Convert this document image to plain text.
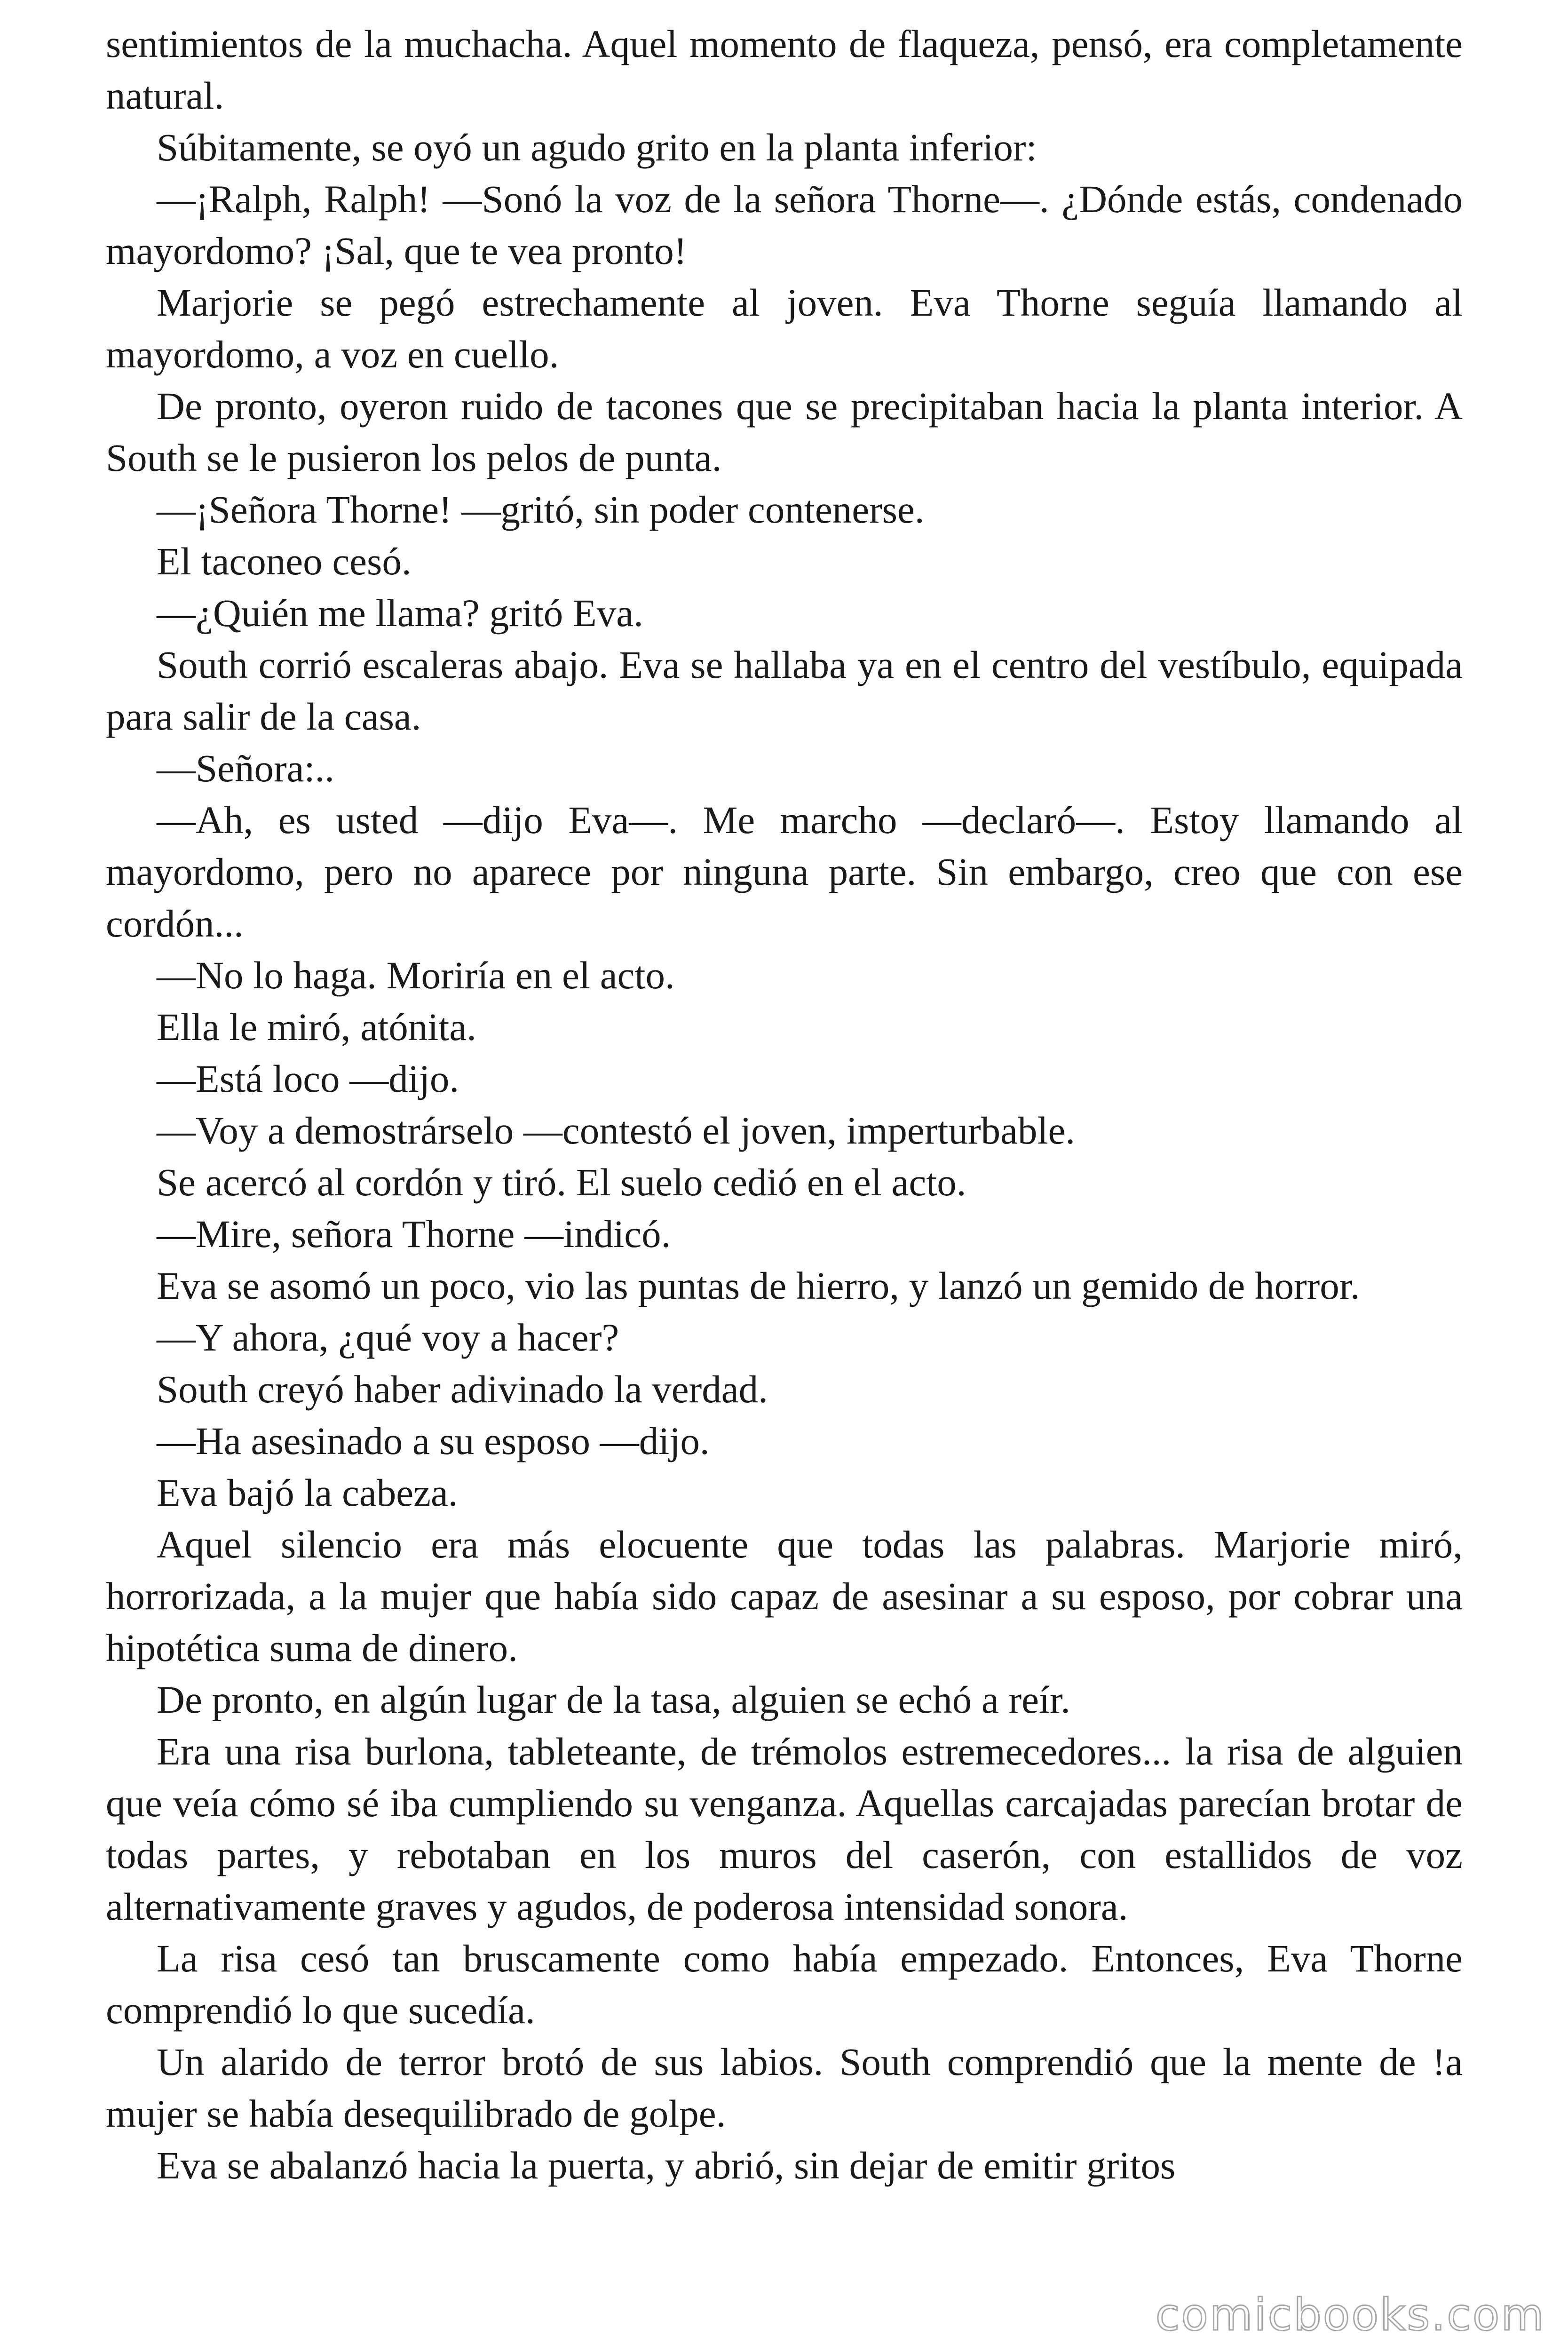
sentimientos de la muchacha. Aquel momento de flaqueza, pensó, era completamente natural.

Súbitamente, se oyó un agudo grito en la planta inferior:

—¡Ralph, Ralph! —Sonó la voz de la señora Thorne—. ¿Dónde estás, condenado mayordomo? ¡Sal, que te vea pronto!

Marjorie se pegó estrechamente al joven. Eva Thorne seguía llamando al mayordomo, a voz en cuello.

De pronto, oyeron ruido de tacones que se precipitaban hacia la planta interior. A South se le pusieron los pelos de punta.

—¡Señora Thorne! —gritó, sin poder contenerse.

El taconeo cesó.

—¿Quién me llama? gritó Eva.

South corrió escaleras abajo. Eva se hallaba ya en el centro del vestíbulo, equipada para salir de la casa.

—Señora:..

—Ah, es usted —dijo Eva—. Me marcho —declaró—. Estoy llamando al mayordomo, pero no aparece por ninguna parte. Sin embargo, creo que con ese cordón...

—No lo haga. Moriría en el acto.

Ella le miró, atónita.

—Está loco —dijo.

—Voy a demostrárselo —contestó el joven, imperturbable.

Se acercó al cordón y tiró. El suelo cedió en el acto.

—Mire, señora Thorne —indicó.

Eva se asomó un poco, vio las puntas de hierro, y lanzó un gemido de horror.

—Y ahora, ¿qué voy a hacer?

South creyó haber adivinado la verdad.

—Ha asesinado a su esposo —dijo.

Eva bajó la cabeza.

Aquel silencio era más elocuente que todas las palabras. Marjorie miró, horrorizada, a la mujer que había sido capaz de asesinar a su esposo, por cobrar una hipotética suma de dinero.

De pronto, en algún lugar de la tasa, alguien se echó a reír.

Era una risa burlona, tableteante, de trémolos estremecedores... la risa de alguien que veía cómo sé iba cumpliendo su venganza. Aquellas carcajadas parecían brotar de todas partes, y rebotaban en los muros del caserón, con estallidos de voz alternativamente graves y agudos, de poderosa intensidad sonora.

La risa cesó tan bruscamente como había empezado. Entonces, Eva Thorne comprendió lo que sucedía.

Un alarido de terror brotó de sus labios. South comprendió que la mente de !a mujer se había desequilibrado de golpe.

Eva se abalanzó hacia la puerta, y abrió, sin dejar de emitir gritos

comicbooks.com
